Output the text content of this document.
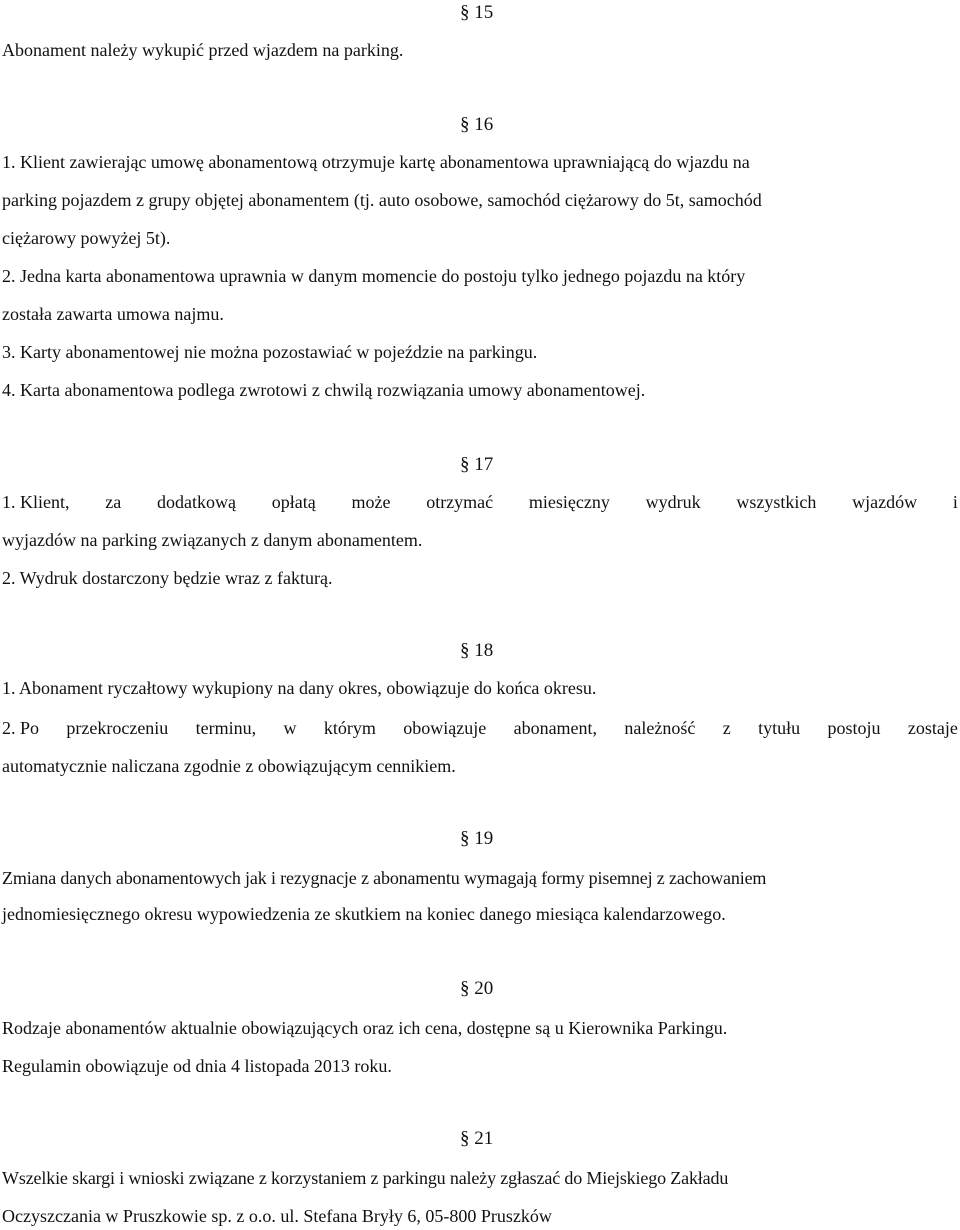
§ 15
Abonament należy wykupić przed wjazdem na parking.
§ 16
1. Klient zawierając umowę abonamentową otrzymuje kartę abonamentowa uprawniającą do wjazdu na
parking pojazdem z grupy objętej abonamentem (tj. auto osobowe, samochód ciężarowy do 5t, samochód
ciężarowy powyżej 5t).
2. Jedna karta abonamentowa uprawnia w danym momencie do postoju tylko jednego pojazdu na który
została zawarta umowa najmu.
3. Karty abonamentowej nie można pozostawiać w pojeździe na parkingu.
4. Karta abonamentowa podlega zwrotowi z chwilą rozwiązania umowy abonamentowej.
§ 17
1. Klient, za dodatkową opłatą może otrzymać miesięczny wydruk wszystkich wjazdów i
wyjazdów na parking związanych z danym abonamentem.
2. Wydruk dostarczony będzie wraz z fakturą.
§ 18
1. Abonament ryczałtowy wykupiony na dany okres, obowiązuje do końca okresu.
2. Po przekroczeniu terminu, w którym obowiązuje abonament, należność z tytułu postoju zostaje
automatycznie naliczana zgodnie z obowiązującym cennikiem.
§ 19
Zmiana danych abonamentowych jak i rezygnacje z abonamentu wymagają formy pisemnej z zachowaniem
jednomiesięcznego okresu wypowiedzenia ze skutkiem na koniec danego miesiąca kalendarzowego.
§ 20
Rodzaje abonamentów aktualnie obowiązujących oraz ich cena, dostępne są u Kierownika Parkingu.
Regulamin obowiązuje od dnia 4 listopada 2013 roku.
§ 21
Wszelkie skargi i wnioski związane z korzystaniem z parkingu należy zgłaszać do Miejskiego Zakładu
Oczyszczania w Pruszkowie sp. z o.o. ul. Stefana Bryły 6, 05-800 Pruszków
